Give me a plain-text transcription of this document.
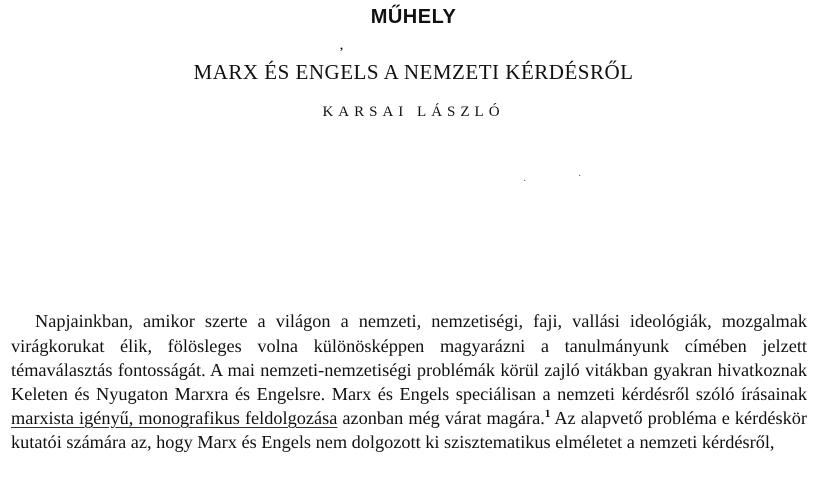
MŰHELY
,
MARX ÉS ENGELS A NEMZETI KÉRDÉSRŐL
KARSAI LÁSZLÓ
·	·

Napjainkban, amikor szerte a világon a nemzeti, nemzetiségi, faji, vallási ideológiák, mozgalmak virágkorukat élik, fölösleges volna különösképpen magyarázni a tanulmányunk címében jelzett témaválasztás fontosságát. A mai nemzeti-nemzetiségi problémák körül zajló vitákban gyakran hivatkoznak Keleten és Nyugaton Marxra és Engelsre. Marx és Engels speciálisan a nemzeti kérdésről szóló írásainak marxista igényű, monografikus feldolgozása azonban még várat magára.$^1$ Az alapvető probléma e kérdéskör kutatói számára az, hogy Marx és Engels nem dolgozott ki szisztematikus elméletet a nemzeti kérdésről,
